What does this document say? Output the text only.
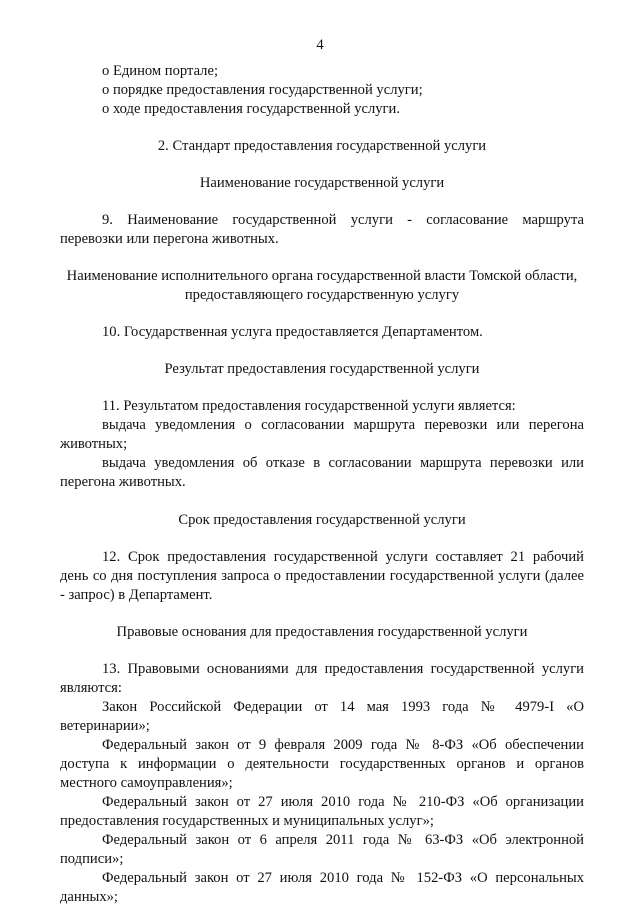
4

о Едином портале;

о порядке предоставления государственной услуги;

о ходе предоставления государственной услуги.

2. Стандарт предоставления государственной услуги

Наименование государственной услуги

9. Наименование государственной услуги - согласование маршрута перевозки или перегона животных.

Наименование исполнительного органа государственной власти Томской области, предоставляющего государственную услугу

10. Государственная услуга предоставляется Департаментом.

Результат предоставления государственной услуги

11. Результатом предоставления государственной услуги является:

выдача уведомления о согласовании маршрута перевозки или перегона животных;

выдача уведомления об отказе в согласовании маршрута перевозки или перегона животных.

Срок предоставления государственной услуги

12. Срок предоставления государственной услуги составляет 21 рабочий день со дня поступления запроса о предоставлении государственной услуги (далее - запрос) в Департамент.

Правовые основания для предоставления государственной услуги

13. Правовыми основаниями для предоставления государственной услуги являются:

Закон Российской Федерации от 14 мая 1993 года № 4979-I «О ветеринарии»;

Федеральный закон от 9 февраля 2009 года № 8-ФЗ «Об обеспечении доступа к информации о деятельности государственных органов и органов местного самоуправления»;

Федеральный закон от 27 июля 2010 года № 210-ФЗ «Об организации предоставления государственных и муниципальных услуг»;

Федеральный закон от 6 апреля 2011 года № 63-ФЗ «Об электронной подписи»;

Федеральный закон от 27 июля 2010 года № 152-ФЗ «О персональных данных»;
